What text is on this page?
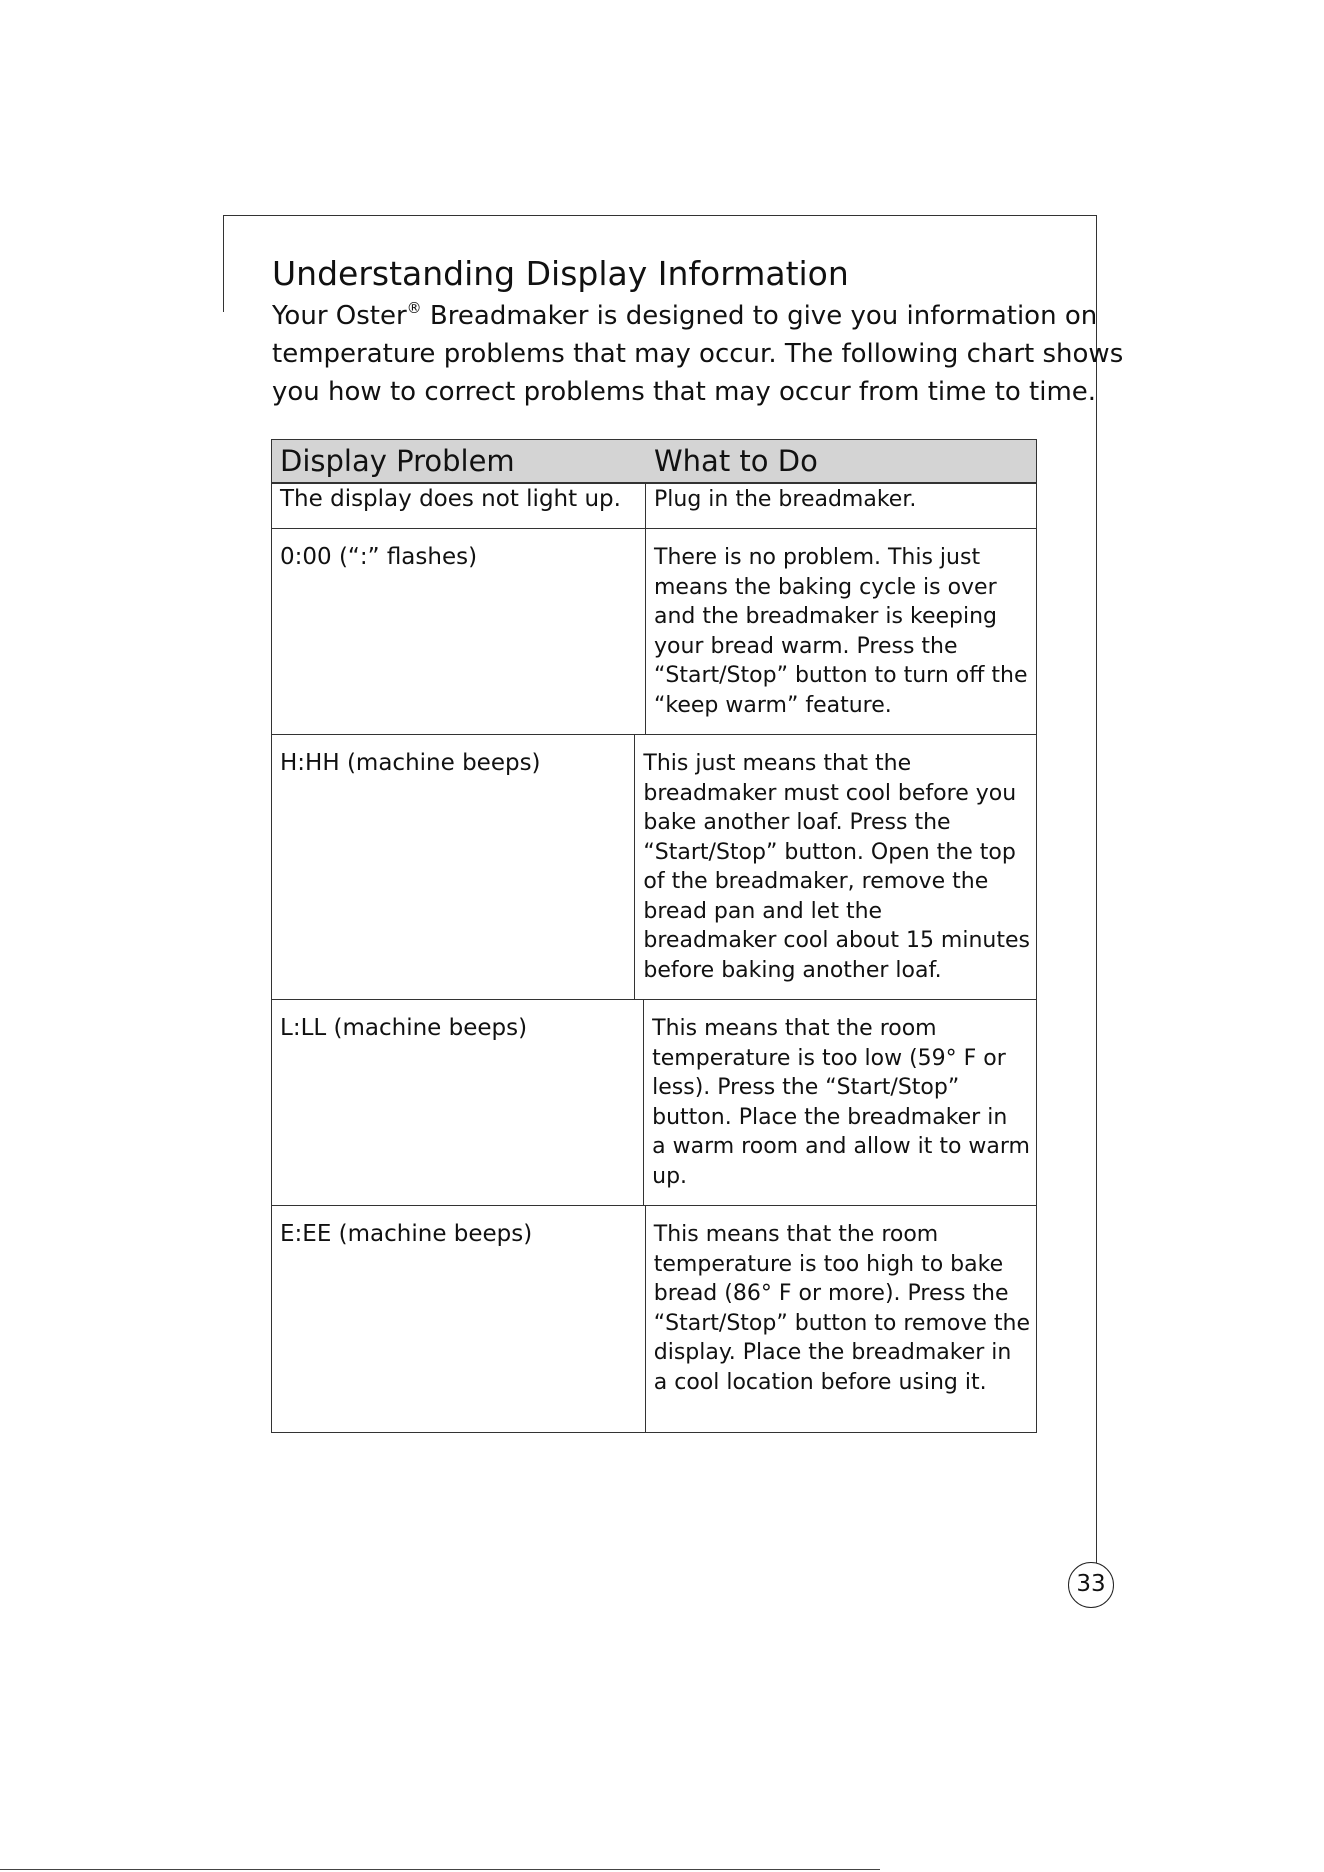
Understanding Display Information

Your Oster® Breadmaker is designed to give you information on

temperature problems that may occur. The following chart shows

you how to correct problems that may occur from time to time.

Display Problem	What to Do
The display does not light up.	Plug in the breadmaker.
0:00 (“:” flashes)	There is no problem. This just
means the baking cycle is over
and the breadmaker is keeping
your bread warm. Press the
“Start/Stop” button to turn off the
“keep warm” feature.
H:HH (machine beeps)	This just means that the
breadmaker must cool before you
bake another loaf. Press the
“Start/Stop” button. Open the top
of the breadmaker, remove the
bread pan and let the
breadmaker cool about 15 minutes
before baking another loaf.
L:LL (machine beeps)	This means that the room
temperature is too low (59° F or
less). Press the “Start/Stop”
button. Place the breadmaker in
a warm room and allow it to warm
up.
E:EE (machine beeps)	This means that the room
temperature is too high to bake
bread (86° F or more). Press the
“Start/Stop” button to remove the
display. Place the breadmaker in
a cool location before using it.
33
